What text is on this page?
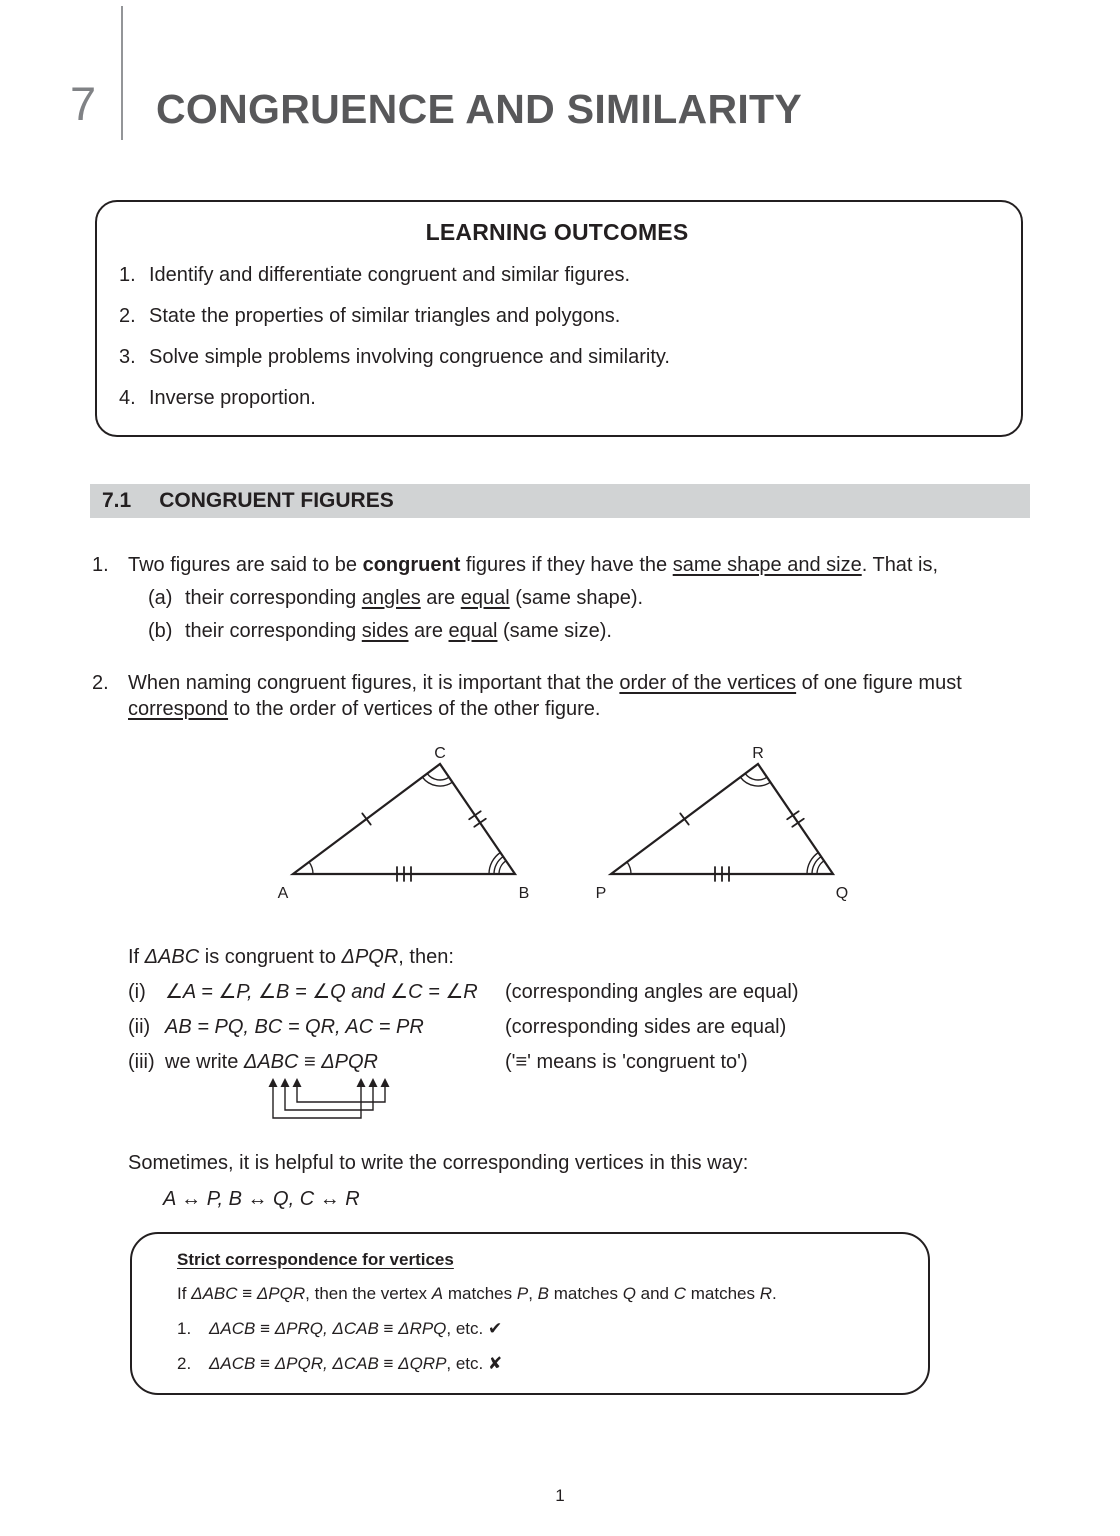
7 CONGRUENCE AND SIMILARITY
LEARNING OUTCOMES
1. Identify and differentiate congruent and similar figures.
2. State the properties of similar triangles and polygons.
3. Solve simple problems involving congruence and similarity.
4. Inverse proportion.
7.1 CONGRUENT FIGURES
1. Two figures are said to be congruent figures if they have the same shape and size. That is,

(a) their corresponding angles are equal (same shape).
(b) their corresponding sides are equal (same size).
2. When naming congruent figures, it is important that the order of the vertices of one figure must correspond to the order of vertices of the other figure.
C
A	B
R
P	Q

If ΔABC is congruent to ΔPQR, then:

(i) ∠A = ∠P, ∠B = ∠Q and ∠C = ∠R	(corresponding angles are equal)
(ii) AB = PQ, BC = QR, AC = PR	(corresponding sides are equal)
(iii) we write ΔABC ≡ ΔPQR	('≡' means is 'congruent to')

Sometimes, it is helpful to write the corresponding vertices in this way:

A ↔ P, B ↔ Q, C ↔ R

Strict correspondence for vertices

If ΔABC ≡ ΔPQR, then the vertex A matches P, B matches Q and C matches R.

1.	ΔACB ≡ ΔPRQ, ΔCAB ≡ ΔRPQ, etc. ✔
2.	ΔACB ≡ ΔPQR, ΔCAB ≡ ΔQRP, etc. ✘
1
